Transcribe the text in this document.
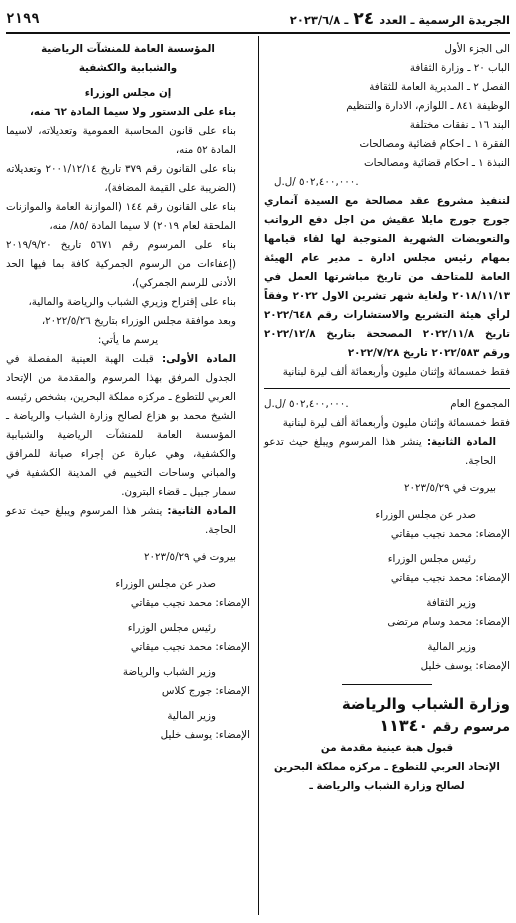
الجريدة الرسمية ـ العدد ٢٤ ـ ٢٠٢٣/٦/٨
٢١٩٩
الى الجزء الأول
الباب ٢٠ ـ وزارة الثقافة
الفصل ٢ ـ المديرية العامة للثقافة
الوظيفة ٨٤١ ـ اللوازم، الادارة والتنظيم
البند ١٦ ـ نفقات مختلفة
الفقرة ١ ـ احكام قضائية ومصالحات
النبذة ١ ـ احكام قضائية ومصالحات

٥٠٢,٤٠٠,٠٠٠ /ل.ل.

لتنفيذ مشروع عقد مصالحة مع السيدة آنماري جورج جورج مايلا عقيش من اجل دفع الرواتب والتعويضات الشهرية المتوجبة لها لقاء قيامها بمهام رئيس مجلس ادارة ـ مدير عام الهيئة العامة للمتاحف من تاريخ مباشرتها العمل في ٢٠١٨/١١/١٣ ولغاية شهر تشرين الاول ٢٠٢٢ وفقاً لرأي هيئة التشريع والاستشارات رقم ٢٠٢٢/٦٤٨ تاريخ ٢٠٢٢/١١/٨ المصححة بتاريخ ٢٠٢٢/١٢/٨ ورقم ٢٠٢٢/٥٨٣ تاريخ ٢٠٢٢/٧/٢٨

فقط خمسمائة وإثنان مليون وأربعمائة ألف ليرة لبنانية

المجموع العام
٥٠٢,٤٠٠,٠٠٠ /ل.ل.

فقط خمسمائة وإثنان مليون وأربعمائة ألف ليرة لبنانية

المادة الثانية: ينشر هذا المرسوم ويبلغ حيث تدعو الحاجة.

بيروت في ٢٠٢٣/٥/٢٩

صدر عن مجلس الوزراء

الإمضاء: محمد نجيب ميقاتي

رئيس مجلس الوزراء

الإمضاء: محمد نجيب ميقاتي

وزير الثقافة

الإمضاء: محمد وسام مرتضى

وزير المالية

الإمضاء: يوسف خليل

وزارة الشباب والرياضة

مرسوم رقم ١١٣٤٠

قبول هبة عينية مقدمة من

الإتحاد العربي للتطوع ـ مركزه مملكة البحرين

لصالح وزارة الشباب والرياضة ـ

المؤسسة العامة للمنشآت الرياضية

والشبابية والكشفية

إن مجلس الوزراء

بناء على الدستور ولا سيما المادة ٦٢ منه،

بناء على قانون المحاسبة العمومية وتعديلاته، لاسيما المادة ٥٢ منه،

بناء على القانون رقم ٣٧٩ تاريخ ٢٠٠١/١٢/١٤ وتعديلاته (الضريبة على القيمة المضافة)،

بناء على القانون رقم ١٤٤ (الموازنة العامة والموازنات الملحقة لعام ٢٠١٩) لا سيما المادة /٨٥/ منه،

بناء على المرسوم رقم ٥٦٧١ تاريخ ٢٠١٩/٩/٢٠ (إعفاءات من الرسوم الجمركية كافة بما فيها الحد الأدنى للرسم الجمركي)،

بناء على إقتراح وزيري الشباب والرياضة والمالية،

وبعد موافقة مجلس الوزراء بتاريخ ٢٠٢٢/٥/٢٦،

يرسم ما يأتي:

المادة الأولى: قبلت الهبة العينية المفصلة في الجدول المرفق بهذا المرسوم والمقدمة من الإتحاد العربي للتطوع ـ مركزه مملكة البحرين، بشخص رئيسه الشيخ محمد بو هزاع لصالح وزارة الشباب والرياضة ـ المؤسسة العامة للمنشآت الرياضية والشبابية والكشفية، وهي عبارة عن إجراء صيانة للمرافق والمباني وساحات التخييم في المدينة الكشفية في سمار جبيل ـ قضاء البترون.

المادة الثانية: ينشر هذا المرسوم ويبلغ حيث تدعو الحاجة.

بيروت في ٢٠٢٣/٥/٢٩

صدر عن مجلس الوزراء

الإمضاء: محمد نجيب ميقاتي

رئيس مجلس الوزراء

الإمضاء: محمد نجيب ميقاتي

وزير الشباب والرياضة

الإمضاء: جورج كلاس

وزير المالية

الإمضاء: يوسف خليل
